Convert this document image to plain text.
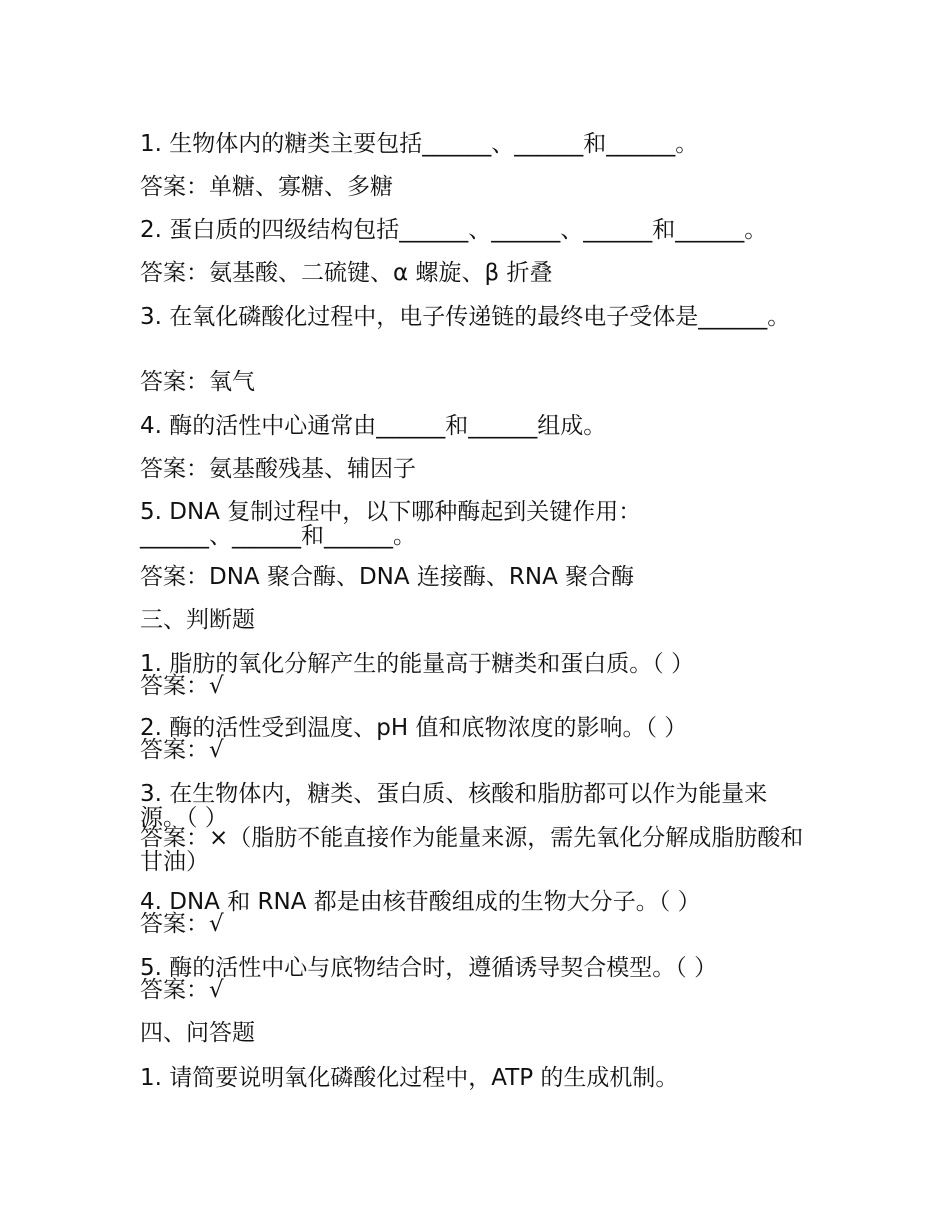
1. 生物体内的糖类主要包括______、______和______。

答案：单糖、寡糖、多糖

2. 蛋白质的四级结构包括______、______、______和______。

答案：氨基酸、二硫键、α 螺旋、β 折叠

3. 在氧化磷酸化过程中，电子传递链的最终电子受体是______。

答案：氧气

4. 酶的活性中心通常由______和______组成。

答案：氨基酸残基、辅因子

5. DNA 复制过程中，以下哪种酶起到关键作用：______、______和______。

答案：DNA 聚合酶、DNA 连接酶、RNA 聚合酶

三、判断题

1. 脂肪的氧化分解产生的能量高于糖类和蛋白质。（ ）

答案：√

2. 酶的活性受到温度、pH 值和底物浓度的影响。（ ）

答案：√

3. 在生物体内，糖类、蛋白质、核酸和脂肪都可以作为能量来源。（ ）

答案：×（脂肪不能直接作为能量来源，需先氧化分解成脂肪酸和甘油）

4. DNA 和 RNA 都是由核苷酸组成的生物大分子。（ ）

答案：√

5. 酶的活性中心与底物结合时，遵循诱导契合模型。（ ）

答案：√

四、问答题

1. 请简要说明氧化磷酸化过程中，ATP 的生成机制。
